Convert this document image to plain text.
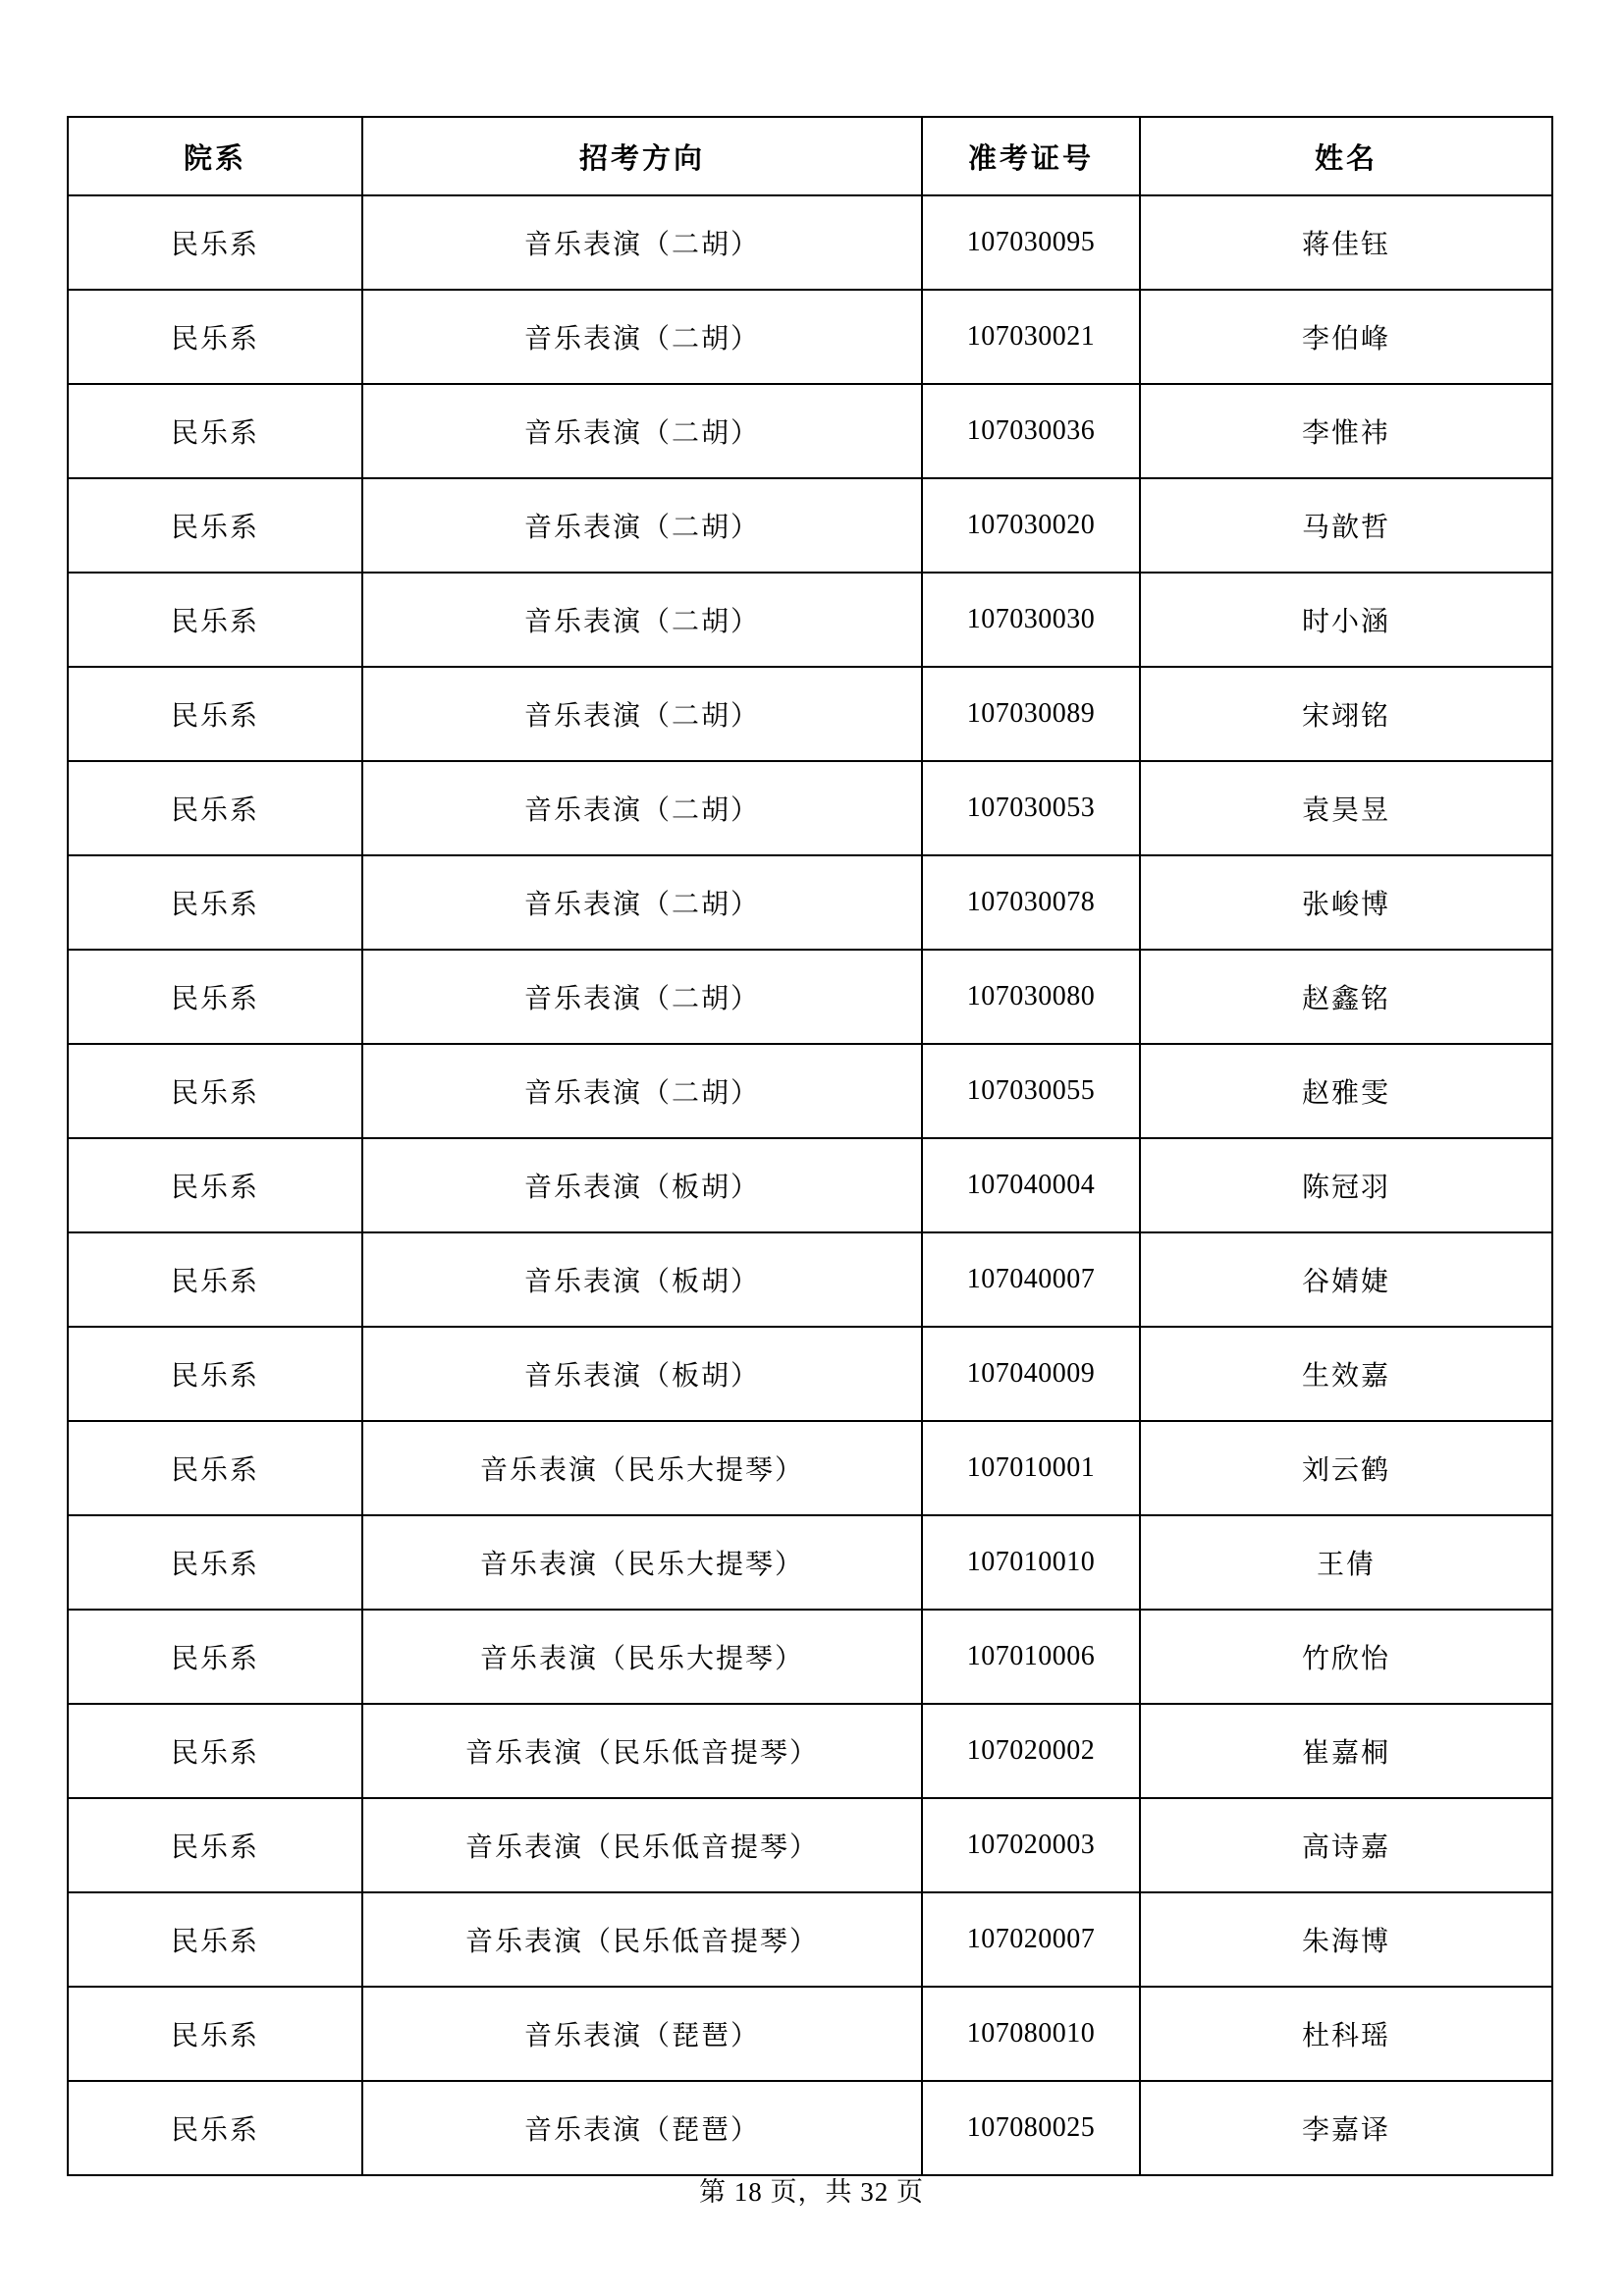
院系	招考方向	准考证号	姓名
民乐系	音乐表演（二胡）	107030095	蒋佳钰
民乐系	音乐表演（二胡）	107030021	李伯峰
民乐系	音乐表演（二胡）	107030036	李惟祎
民乐系	音乐表演（二胡）	107030020	马歆哲
民乐系	音乐表演（二胡）	107030030	时小涵
民乐系	音乐表演（二胡）	107030089	宋翊铭
民乐系	音乐表演（二胡）	107030053	袁昊昱
民乐系	音乐表演（二胡）	107030078	张峻博
民乐系	音乐表演（二胡）	107030080	赵鑫铭
民乐系	音乐表演（二胡）	107030055	赵雅雯
民乐系	音乐表演（板胡）	107040004	陈冠羽
民乐系	音乐表演（板胡）	107040007	谷婧婕
民乐系	音乐表演（板胡）	107040009	生效嘉
民乐系	音乐表演（民乐大提琴）	107010001	刘云鹤
民乐系	音乐表演（民乐大提琴）	107010010	王倩
民乐系	音乐表演（民乐大提琴）	107010006	竹欣怡
民乐系	音乐表演（民乐低音提琴）	107020002	崔嘉桐
民乐系	音乐表演（民乐低音提琴）	107020003	高诗嘉
民乐系	音乐表演（民乐低音提琴）	107020007	朱海博
民乐系	音乐表演（琵琶）	107080010	杜科瑶
民乐系	音乐表演（琵琶）	107080025	李嘉译
第 18 页，共 32 页
